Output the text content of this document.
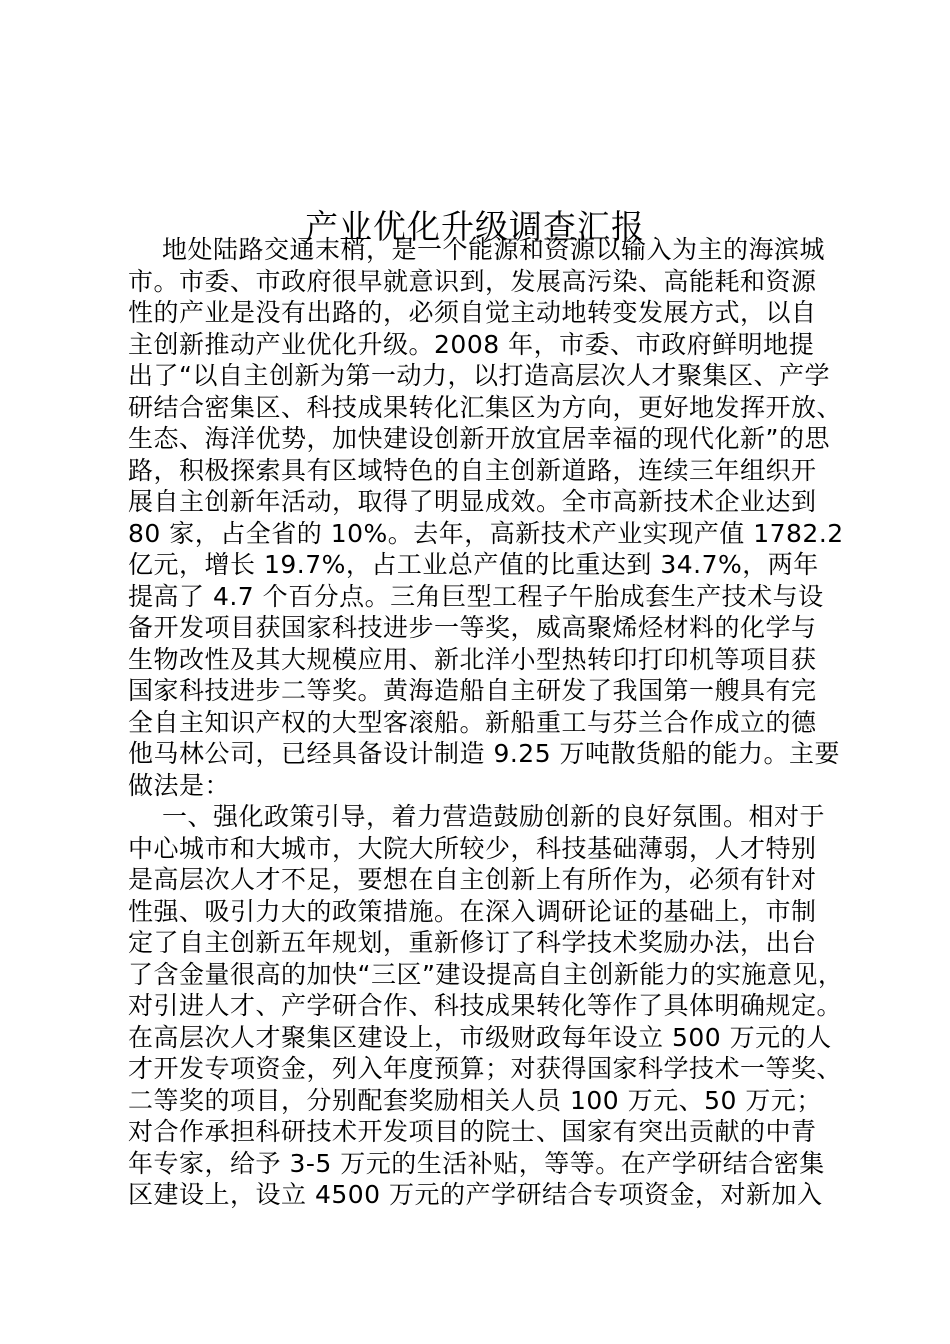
产业优化升级调查汇报
地处陆路交通末梢，是一个能源和资源以输入为主的海滨城
市。市委、市政府很早就意识到，发展高污染、高能耗和资源
性的产业是没有出路的，必须自觉主动地转变发展方式，以自
主创新推动产业优化升级。2008 年，市委、市政府鲜明地提
出了“以自主创新为第一动力，以打造高层次人才聚集区、产学
研结合密集区、科技成果转化汇集区为方向，更好地发挥开放、
生态、海洋优势，加快建设创新开放宜居幸福的现代化新”的思
路，积极探索具有区域特色的自主创新道路，连续三年组织开
展自主创新年活动，取得了明显成效。全市高新技术企业达到
80 家，占全省的 10%。去年，高新技术产业实现产值 1782.2
亿元，增长 19.7%，占工业总产值的比重达到 34.7%，两年
提高了 4.7 个百分点。三角巨型工程子午胎成套生产技术与设
备开发项目获国家科技进步一等奖，威高聚烯烃材料的化学与
生物改性及其大规模应用、新北洋小型热转印打印机等项目获
国家科技进步二等奖。黄海造船自主研发了我国第一艘具有完
全自主知识产权的大型客滚船。新船重工与芬兰合作成立的德
他马林公司，已经具备设计制造 9.25 万吨散货船的能力。主要
做法是：
一、强化政策引导，着力营造鼓励创新的良好氛围。相对于
中心城市和大城市，大院大所较少，科技基础薄弱，人才特别
是高层次人才不足，要想在自主创新上有所作为，必须有针对
性强、吸引力大的政策措施。在深入调研论证的基础上，市制
定了自主创新五年规划，重新修订了科学技术奖励办法，出台
了含金量很高的加快“三区”建设提高自主创新能力的实施意见，
对引进人才、产学研合作、科技成果转化等作了具体明确规定。
在高层次人才聚集区建设上，市级财政每年设立 500 万元的人
才开发专项资金，列入年度预算；对获得国家科学技术一等奖、
二等奖的项目，分别配套奖励相关人员 100 万元、50 万元；
对合作承担科研技术开发项目的院士、国家有突出贡献的中青
年专家，给予 3-5 万元的生活补贴，等等。在产学研结合密集
区建设上，设立 4500 万元的产学研结合专项资金，对新加入
